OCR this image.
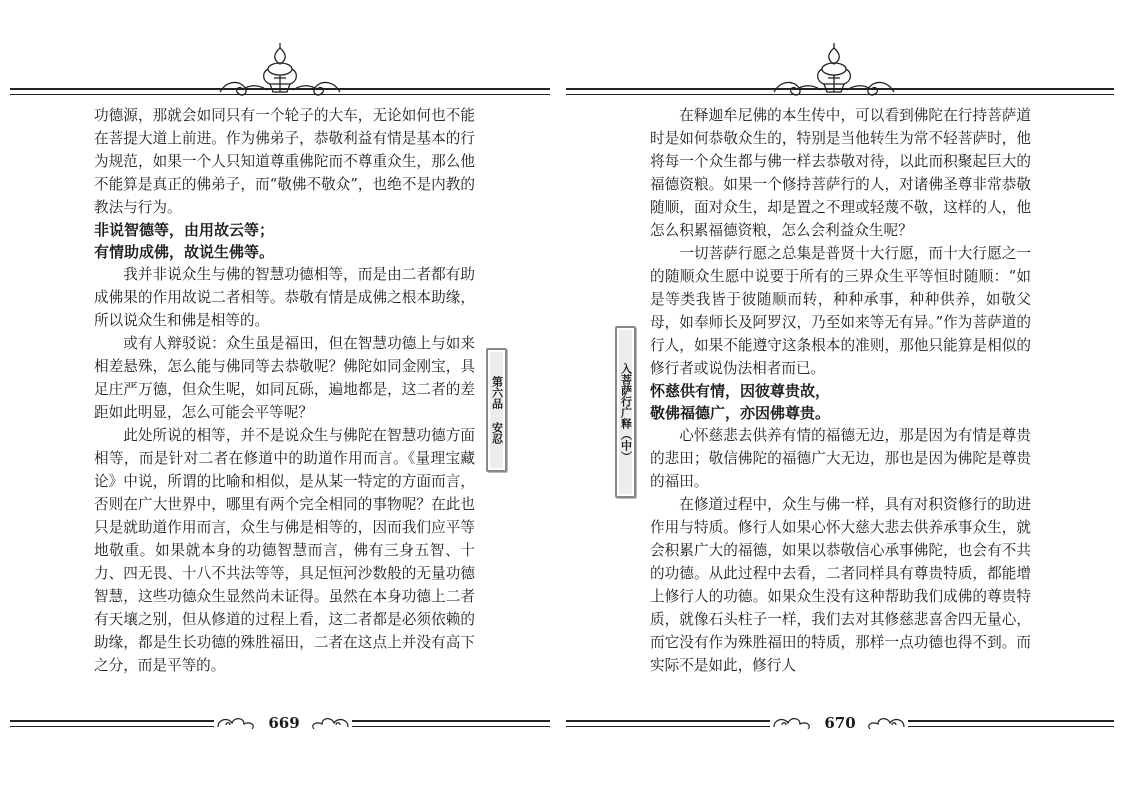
功德源，那就会如同只有一个轮子的大车，无论如何也不能在菩提大道上前进。作为佛弟子，恭敬利益有情是基本的行为规范，如果一个人只知道尊重佛陀而不尊重众生，那么他不能算是真正的佛弟子，而“敬佛不敬众”，也绝不是内教的教法与行为。

非说智德等，由用故云等；

有情助成佛，故说生佛等。

我并非说众生与佛的智慧功德相等，而是由二者都有助成佛果的作用故说二者相等。恭敬有情是成佛之根本助缘，所以说众生和佛是相等的。

或有人辩驳说：众生虽是福田，但在智慧功德上与如来相差悬殊，怎么能与佛同等去恭敬呢？佛陀如同金刚宝，具足庄严万德，但众生呢，如同瓦砾，遍地都是，这二者的差距如此明显，怎么可能会平等呢？

此处所说的相等，并不是说众生与佛陀在智慧功德方面相等，而是针对二者在修道中的助道作用而言。《量理宝藏论》中说，所谓的比喻和相似，是从某一特定的方面而言，否则在广大世界中，哪里有两个完全相同的事物呢？在此也只是就助道作用而言，众生与佛是相等的，因而我们应平等地敬重。如果就本身的功德智慧而言，佛有三身五智、十力、四无畏、十八不共法等等，具足恒河沙数般的无量功德智慧，这些功德众生显然尚未证得。虽然在本身功德上二者有天壤之别，但从修道的过程上看，这二者都是必须依赖的助缘，都是生长功德的殊胜福田，二者在这点上并没有高下之分，而是平等的。

第六品 安忍
669

在释迦牟尼佛的本生传中，可以看到佛陀在行持菩萨道时是如何恭敬众生的，特别是当他转生为常不轻菩萨时，他将每一个众生都与佛一样去恭敬对待，以此而积聚起巨大的福德资粮。如果一个修持菩萨行的人，对诸佛圣尊非常恭敬随顺，面对众生，却是置之不理或轻蔑不敬，这样的人，他怎么积累福德资粮，怎么会利益众生呢？

一切菩萨行愿之总集是普贤十大行愿，而十大行愿之一的随顺众生愿中说要于所有的三界众生平等恒时随顺：“如是等类我皆于彼随顺而转，种种承事，种种供养，如敬父母，如奉师长及阿罗汉，乃至如来等无有异。”作为菩萨道的行人，如果不能遵守这条根本的准则，那他只能算是相似的修行者或说伪法相者而已。

怀慈供有情，因彼尊贵故，

敬佛福德广，亦因佛尊贵。

心怀慈悲去供养有情的福德无边，那是因为有情是尊贵的悲田；敬信佛陀的福德广大无边，那也是因为佛陀是尊贵的福田。

在修道过程中，众生与佛一样，具有对积资修行的助进作用与特质。修行人如果心怀大慈大悲去供养承事众生，就会积累广大的福德，如果以恭敬信心承事佛陀，也会有不共的功德。从此过程中去看，二者同样具有尊贵特质，都能增上修行人的功德。如果众生没有这种帮助我们成佛的尊贵特质，就像石头柱子一样，我们去对其修慈悲喜舍四无量心，而它没有作为殊胜福田的特质，那样一点功德也得不到。而实际不是如此，修行人

入菩萨行广释（中）
670
